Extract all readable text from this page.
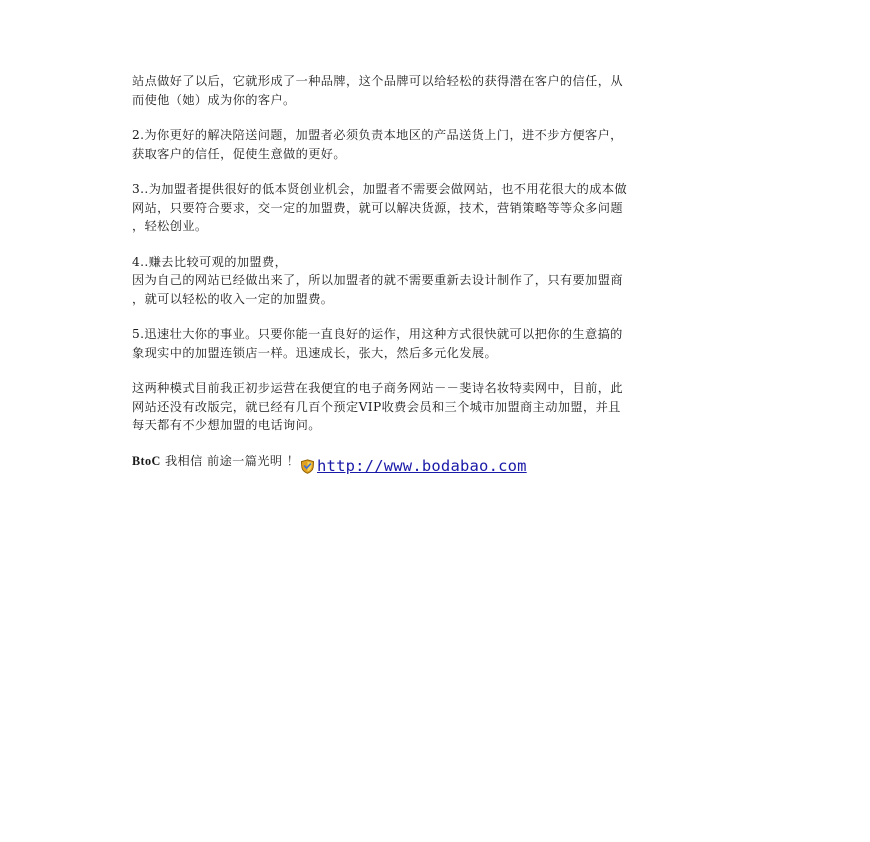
站点做好了以后，它就形成了一种品牌，这个品牌可以给轻松的获得潜在客户的信任，从
而使他（她）成为你的客户。
2.为你更好的解决陪送问题，加盟者必须负责本地区的产品送货上门，进不步方便客户，
获取客户的信任，促使生意做的更好。
3..为加盟者提供很好的低本贤创业机会，加盟者不需要会做网站，也不用花很大的成本做
网站，只要符合要求，交一定的加盟费，就可以解决货源，技术，营销策略等等众多问题
，轻松创业。
4..赚去比较可观的加盟费，
因为自己的网站已经做出来了，所以加盟者的就不需要重新去设计制作了，只有要加盟商
，就可以轻松的收入一定的加盟费。
5.迅速壮大你的事业。只要你能一直良好的运作，用这种方式很快就可以把你的生意搞的
象现实中的加盟连锁店一样。迅速成长，张大，然后多元化发展。
这两种模式目前我正初步运营在我便宜的电子商务网站－－斐诗名妆特卖网中，目前，此
网站还没有改版完，就已经有几百个预定VIP收费会员和三个城市加盟商主动加盟，并且
每天都有不少想加盟的电话询问。
BtoC 我相信 前途一篇光明 ！	http://www.bodabao.com
